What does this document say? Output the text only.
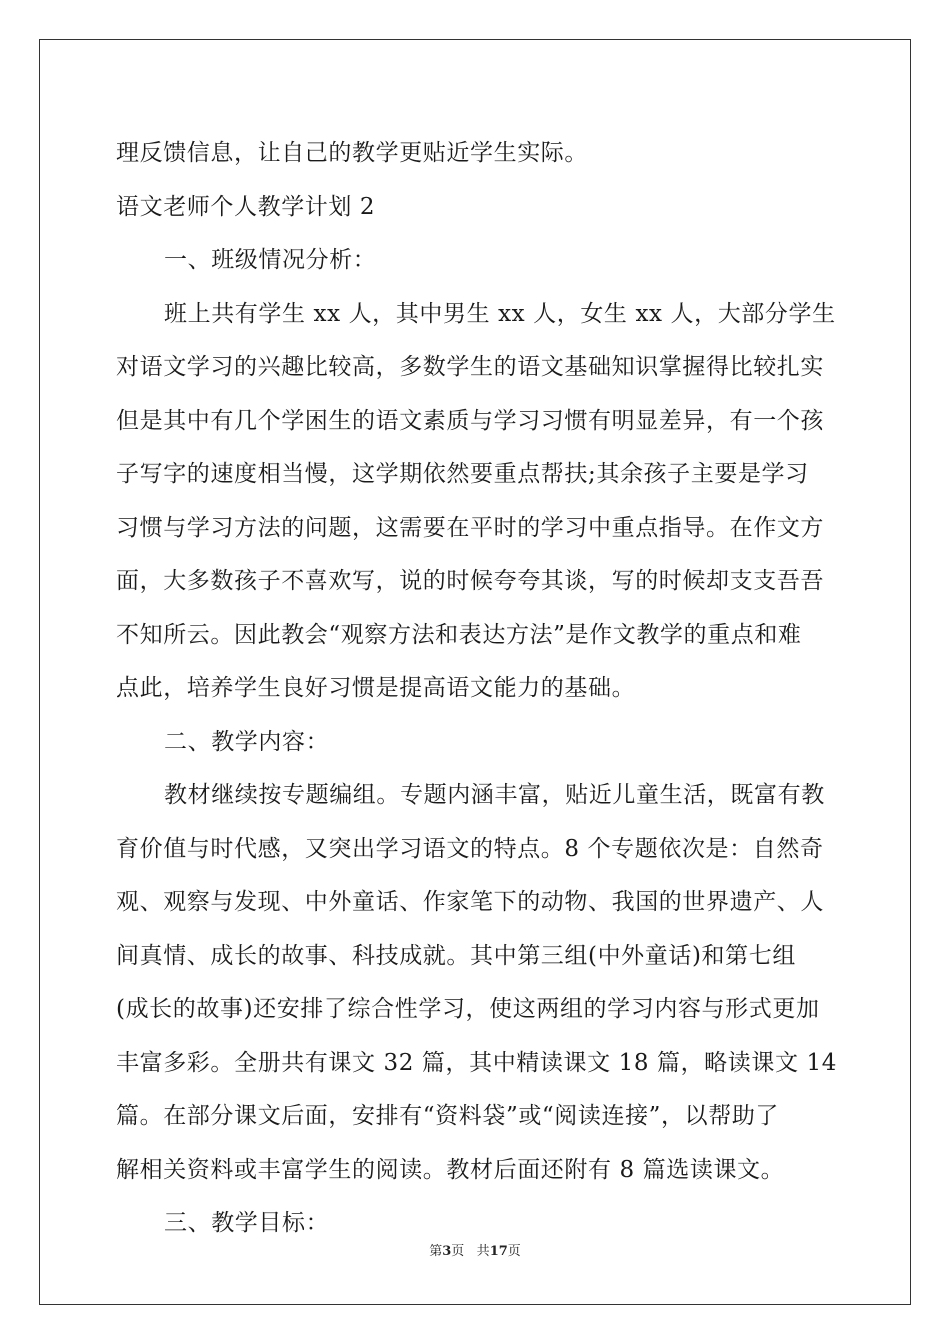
理反馈信息，让自己的教学更贴近学生实际。
语文老师个人教学计划 2
一、班级情况分析：
班上共有学生 xx 人，其中男生 xx 人，女生 xx 人，大部分学生
对语文学习的兴趣比较高，多数学生的语文基础知识掌握得比较扎实
但是其中有几个学困生的语文素质与学习习惯有明显差异，有一个孩
子写字的速度相当慢，这学期依然要重点帮扶;其余孩子主要是学习
习惯与学习方法的问题，这需要在平时的学习中重点指导。在作文方
面，大多数孩子不喜欢写，说的时候夸夸其谈，写的时候却支支吾吾
不知所云。因此教会“观察方法和表达方法”是作文教学的重点和难
点此，培养学生良好习惯是提高语文能力的基础。
二、教学内容：
教材继续按专题编组。专题内涵丰富，贴近儿童生活，既富有教
育价值与时代感，又突出学习语文的特点。8 个专题依次是：自然奇
观、观察与发现、中外童话、作家笔下的动物、我国的世界遗产、人
间真情、成长的故事、科技成就。其中第三组(中外童话)和第七组
(成长的故事)还安排了综合性学习，使这两组的学习内容与形式更加
丰富多彩。全册共有课文 32 篇，其中精读课文 18 篇，略读课文 14
篇。在部分课文后面，安排有“资料袋”或“阅读连接”，以帮助了
解相关资料或丰富学生的阅读。教材后面还附有 8 篇选读课文。
三、教学目标：
第3页 共17页
